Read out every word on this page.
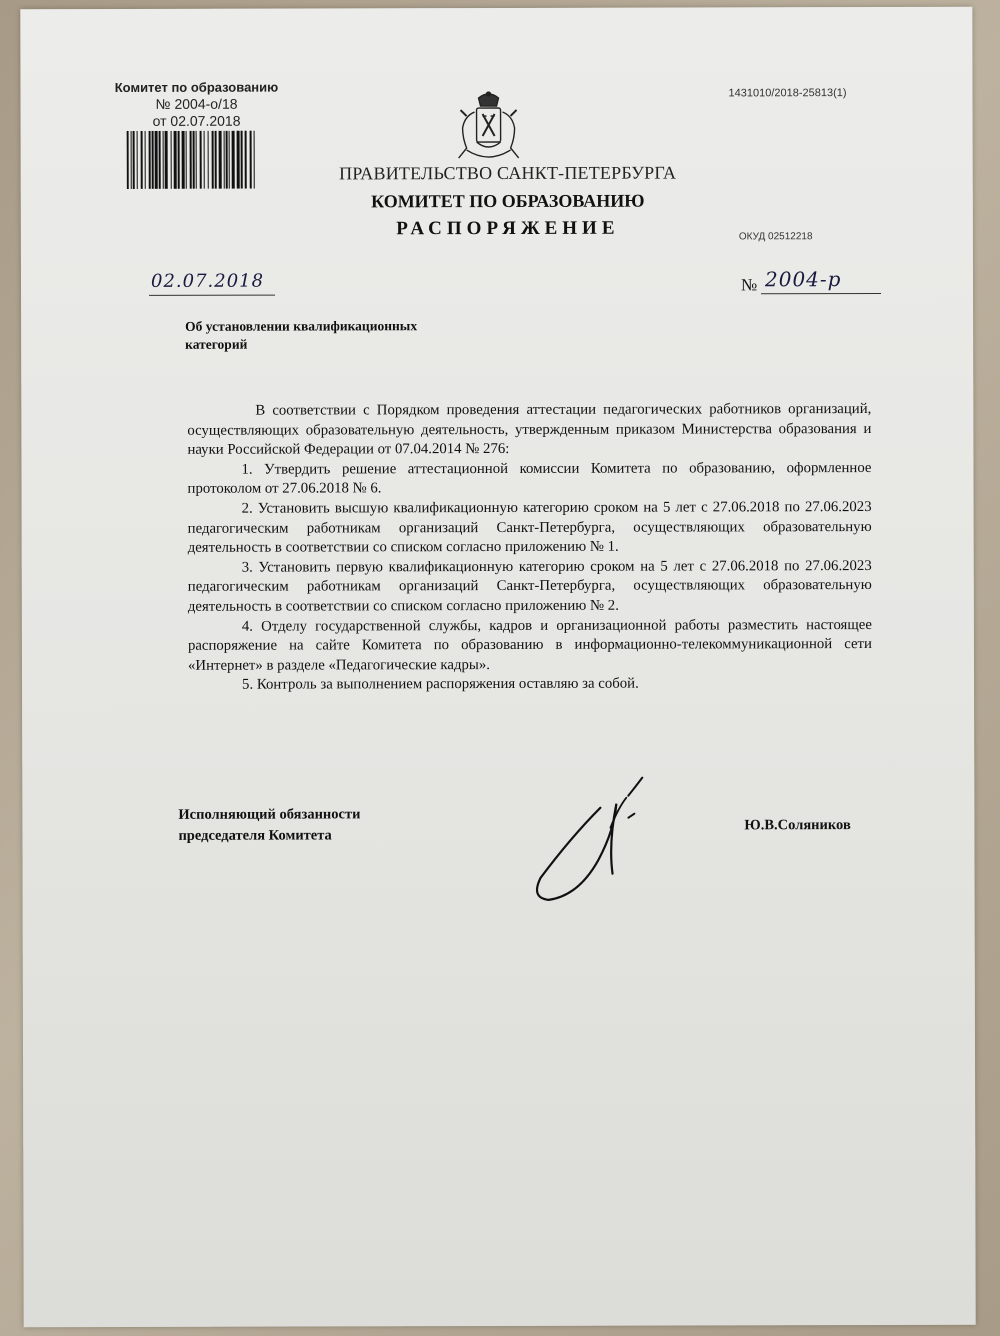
Комитет по образованию
№ 2004-о/18
от 02.07.2018
1431010/2018-25813(1)
ПРАВИТЕЛЬСТВО САНКТ-ПЕТЕРБУРГА
КОМИТЕТ ПО ОБРАЗОВАНИЮ
РАСПОРЯЖЕНИЕ	ОКУД 02512218
02.07.2018	№ 2004-р
Об установлении квалификационных
категорий

В соответствии с Порядком проведения аттестации педагогических работников организаций, осуществляющих образовательную деятельность, утвержденным приказом Министерства образования и науки Российской Федерации от 07.04.2014 № 276:

1. Утвердить решение аттестационной комиссии Комитета по образованию, оформленное протоколом от 27.06.2018 № 6.

2. Установить высшую квалификационную категорию сроком на 5 лет с 27.06.2018 по 27.06.2023 педагогическим работникам организаций Санкт-Петербурга, осуществляющих образовательную деятельность в соответствии со списком согласно приложению № 1.

3. Установить первую квалификационную категорию сроком на 5 лет с 27.06.2018 по 27.06.2023 педагогическим работникам организаций Санкт-Петербурга, осуществляющих образовательную деятельность в соответствии со списком согласно приложению № 2.

4. Отделу государственной службы, кадров и организационной работы разместить настоящее распоряжение на сайте Комитета по образованию в информационно-телекоммуникационной сети «Интернет» в разделе «Педагогические кадры».

5. Контроль за выполнением распоряжения оставляю за собой.

Исполняющий обязанности
председателя Комитета
Ю.В.Соляников
